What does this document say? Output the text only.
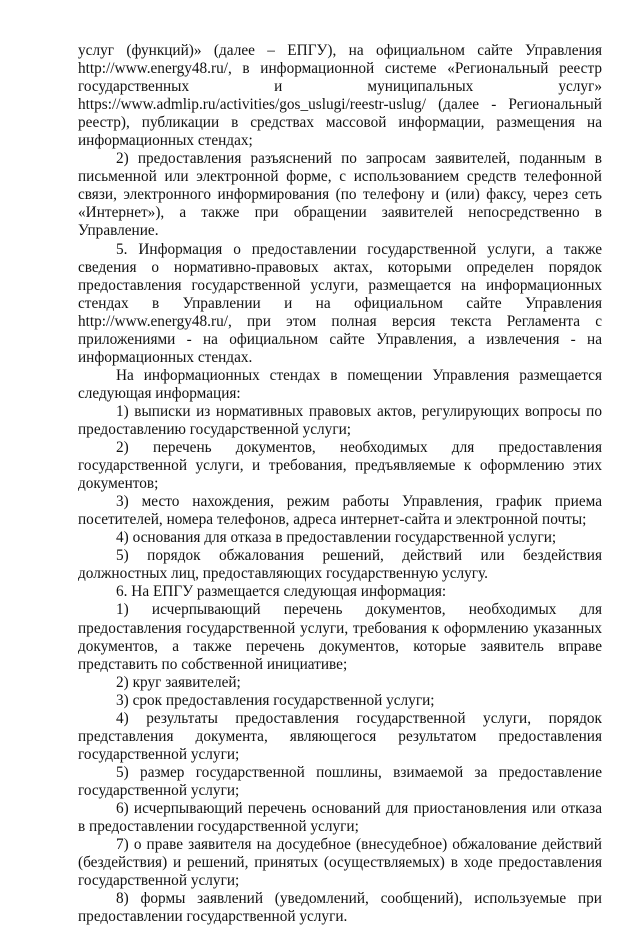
услуг (функций)» (далее – ЕПГУ), на официальном сайте Управления http://www.energy48.ru/, в информационной системе «Региональный реестр государственных и муниципальных услуг» https://www.admlip.ru/activities/gos_uslugi/reestr-uslug/ (далее - Региональный реестр), публикации в средствах массовой информации, размещения на информационных стендах;

2) предоставления разъяснений по запросам заявителей, поданным в письменной или электронной форме, с использованием средств телефонной связи, электронного информирования (по телефону и (или) факсу, через сеть «Интернет»), а также при обращении заявителей непосредственно в Управление.

5. Информация о предоставлении государственной услуги, а также сведения о нормативно-правовых актах, которыми определен порядок предоставления государственной услуги, размещается на информационных стендах в Управлении и на официальном сайте Управления http://www.energy48.ru/, при этом полная версия текста Регламента с приложениями - на официальном сайте Управления, а извлечения - на информационных стендах.

На информационных стендах в помещении Управления размещается следующая информация:

1) выписки из нормативных правовых актов, регулирующих вопросы по предоставлению государственной услуги;

2) перечень документов, необходимых для предоставления государственной услуги, и требования, предъявляемые к оформлению этих документов;

3) место нахождения, режим работы Управления, график приема посетителей, номера телефонов, адреса интернет-сайта и электронной почты;

4) основания для отказа в предоставлении государственной услуги;

5) порядок обжалования решений, действий или бездействия должностных лиц, предоставляющих государственную услугу.

6. На ЕПГУ размещается следующая информация:

1) исчерпывающий перечень документов, необходимых для предоставления государственной услуги, требования к оформлению указанных документов, а также перечень документов, которые заявитель вправе представить по собственной инициативе;

2) круг заявителей;

3) срок предоставления государственной услуги;

4) результаты предоставления государственной услуги, порядок представления документа, являющегося результатом предоставления государственной услуги;

5) размер государственной пошлины, взимаемой за предоставление государственной услуги;

6) исчерпывающий перечень оснований для приостановления или отказа в предоставлении государственной услуги;

7) о праве заявителя на досудебное (внесудебное) обжалование действий (бездействия) и решений, принятых (осуществляемых) в ходе предоставления государственной услуги;

8) формы заявлений (уведомлений, сообщений), используемые при предоставлении государственной услуги.
